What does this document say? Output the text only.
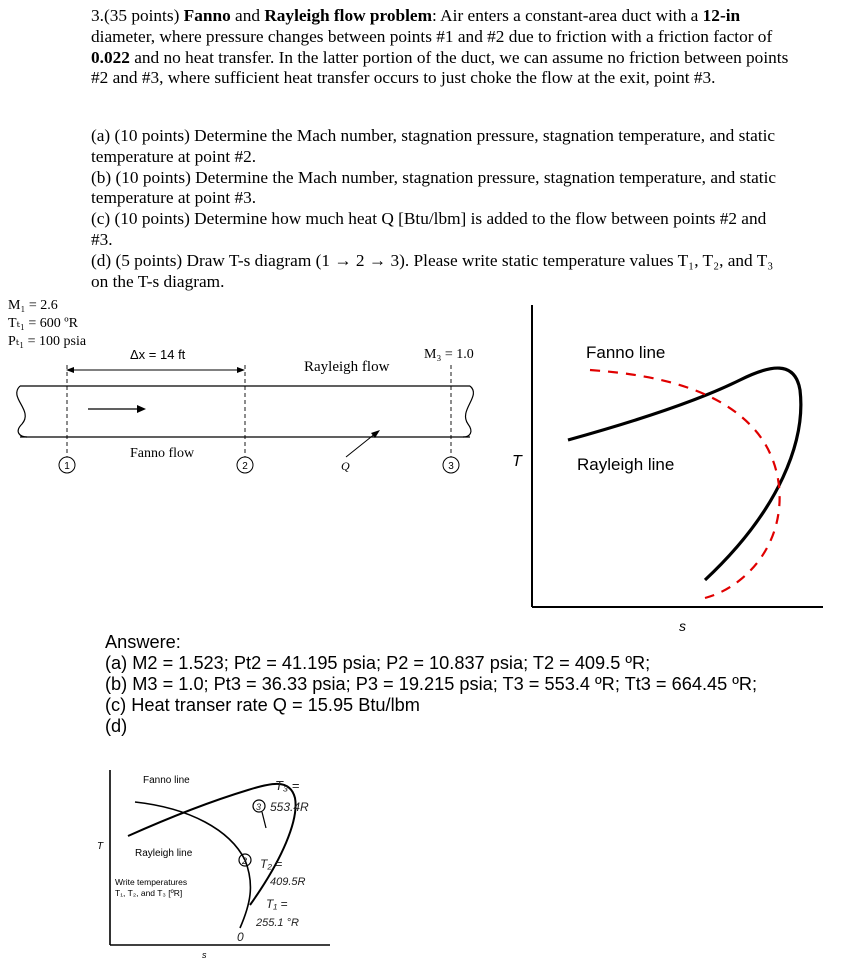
3.(35 points) Fanno and Rayleigh flow problem: Air enters a constant-area duct with a 12-in diameter, where pressure changes between points #1 and #2 due to friction with a friction factor of 0.022 and no heat transfer. In the latter portion of the duct, we can assume no friction between points #2 and #3, where sufficient heat transfer occurs to just choke the flow at the exit, point #3.

(a) (10 points) Determine the Mach number, stagnation pressure, stagnation temperature, and static temperature at point #2.

(b) (10 points) Determine the Mach number, stagnation pressure, stagnation temperature, and static temperature at point #3.

(c) (10 points) Determine how much heat Q [Btu/lbm] is added to the flow between points #2 and #3.

(d) (5 points) Draw T-s diagram (1 → 2 → 3). Please write static temperature values T₁, T₂, and T₃ on the T-s diagram.

M₁ = 2.6
Tₜ₁ = 600 ºR
Pₜ₁ = 100 psia
Δx = 14 ft
Rayleigh flow
M₃ = 1.0
Fanno flow
Q
1	2	3
Fanno line
Rayleigh line
T
s
Fanno line
Rayleigh line
T
s
Write temperatures
T₁, T₂, and T₃ [ºR]
T₃ =
553.4R
3
T₂ =
409.5R
2
T₁ =
255.1 °R
0
Answere:
(a) M2 = 1.523; Pt2 = 41.195 psia; P2 = 10.837 psia; T2 = 409.5 ºR;
(b) M3 = 1.0; Pt3 = 36.33 psia; P3 = 19.215 psia; T3 = 553.4 ºR; Tt3 = 664.45 ºR;
(c) Heat transer rate Q = 15.95 Btu/lbm
(d)
